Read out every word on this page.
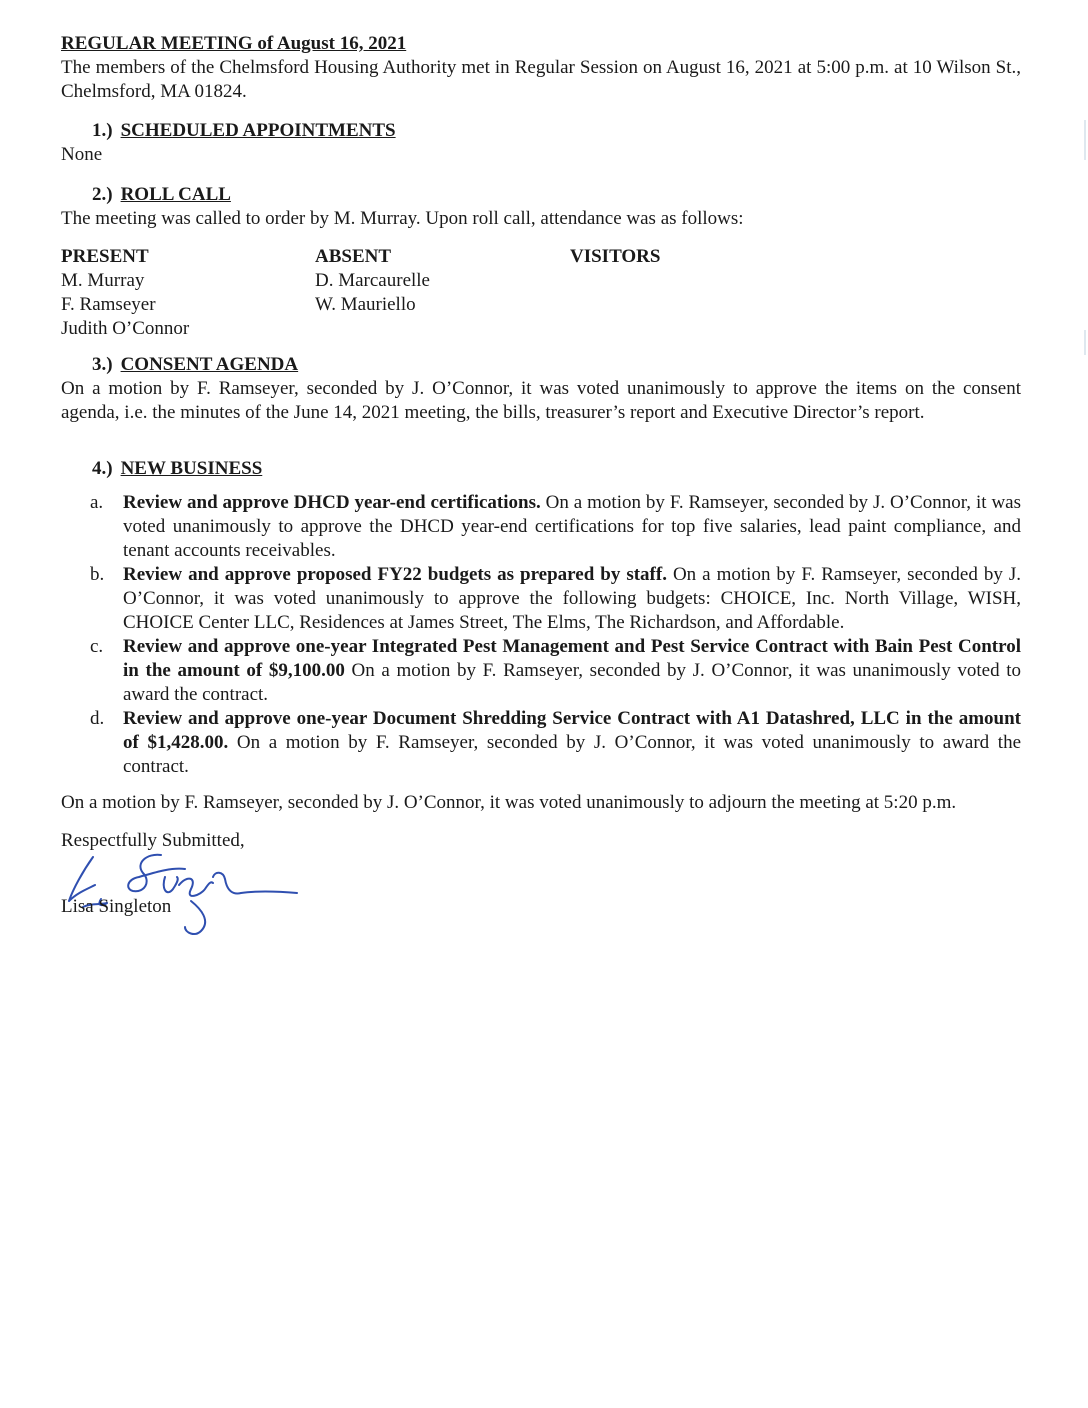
REGULAR MEETING of August 16, 2021

The members of the Chelmsford Housing Authority met in Regular Session on August 16, 2021 at 5:00 p.m. at 10 Wilson St., Chelmsford, MA 01824.

1.) SCHEDULED APPOINTMENTS

None

2.) ROLL CALL

The meeting was called to order by M. Murray. Upon roll call, attendance was as follows:

PRESENT
M. Murray
F. Ramseyer
Judith O’Connor
ABSENT
D. Marcaurelle
W. Mauriello
VISITORS
3.) CONSENT AGENDA

On a motion by F. Ramseyer, seconded by J. O’Connor, it was voted unanimously to approve the items on the consent agenda, i.e. the minutes of the June 14, 2021 meeting, the bills, treasurer’s report and Executive Director’s report.

4.) NEW BUSINESS
a.	Review and approve DHCD year-end certifications. On a motion by F. Ramseyer, seconded by J. O’Connor, it was voted unanimously to approve the DHCD year-end certifications for top five salaries, lead paint compliance, and tenant accounts receivables.
b. Review and approve proposed FY22 budgets as prepared by staff. On a motion by F. Ramseyer, seconded by J. O’Connor, it was voted unanimously to approve the following budgets: CHOICE, Inc. North Village, WISH, CHOICE Center LLC, Residences at James Street, The Elms, The Richardson, and Affordable.
c.	Review and approve one-year Integrated Pest Management and Pest Service Contract with Bain Pest Control in the amount of $9,100.00 On a motion by F. Ramseyer, seconded by J. O’Connor, it was unanimously voted to award the contract.
d. Review and approve one-year Document Shredding Service Contract with A1 Datashred, LLC in the amount of $1,428.00. On a motion by F. Ramseyer, seconded by J. O’Connor, it was voted unanimously to award the contract.

On a motion by F. Ramseyer, seconded by J. O’Connor, it was voted unanimously to adjourn the meeting at 5:20 p.m.

Respectfully Submitted,

Lisa Singleton
